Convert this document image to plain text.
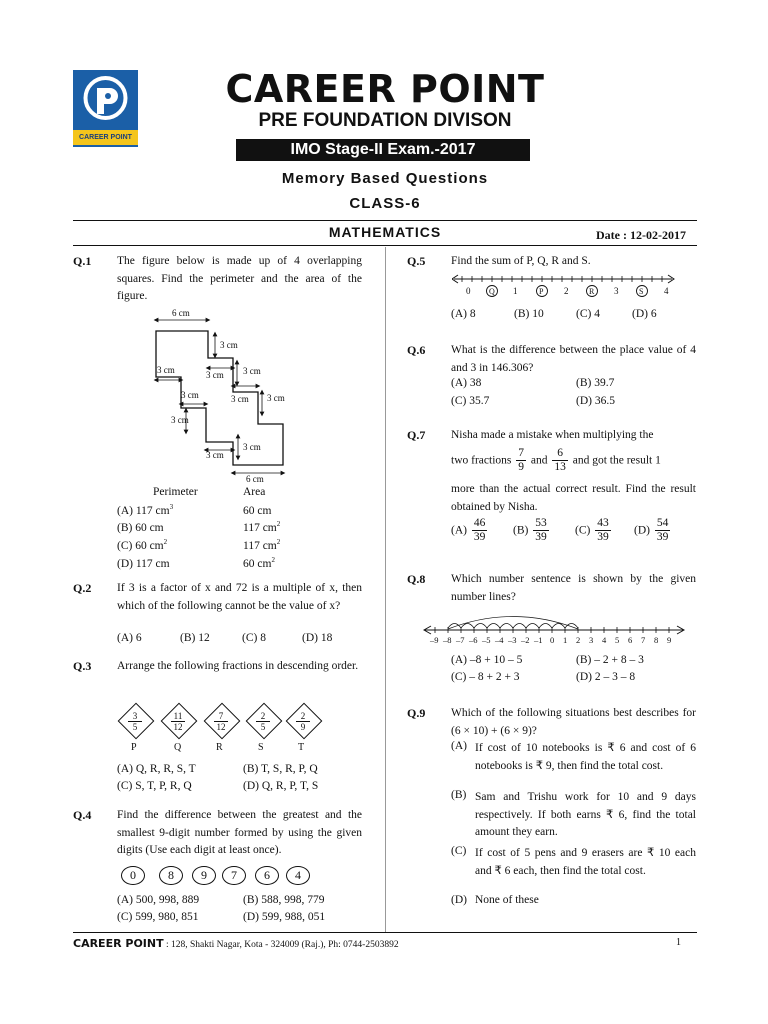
CAREER POINT
CAREER POINT
PRE FOUNDATION DIVISON
IMO Stage-II Exam.-2017
Memory Based Questions
CLASS-6
MATHEMATICS	Date : 12-02-2017
Q.1 The figure below is made up of 4 overlapping squares. Find the perimeter and the area of the figure.
6 cm
3 cm
3 cm 3 cm
3 cm
3 cm 3 cm
3 cm
3 cm
3 cm
3 cm
6 cm
Perimeter	Area
(A) 117 $cm^3$	60 cm
(B) 60 cm	117 $cm^2$
(C) 60 $cm^2$	117 $cm^2$
(D) 117 cm	60 $cm^2$
Q.2 If 3 is a factor of x and 72 is a multiple of x, then which of the following cannot be the value of x?
(A) 6	(B) 12	(C) 8	(D) 18
Q.3 Arrange the following fractions in descending order.
3
5
P
11
12
Q
7
12
R
2
5
S
2
9
T
(A) Q, R, R, S, T	(B) T, S, R, P, Q
(C) S, T, P, R, Q	(D) Q, R, P, T, S
Q.4 Find the difference between the greatest and the smallest 9-digit number formed by using the given digits (Use each digit at least once).
0	8	9	7	6	4
(A) 500, 998, 889	(B) 588, 998, 779
(C) 599, 980, 851	(D) 599, 988, 051
Q.5 Find the sum of P, Q, R and S.
0	1	2	3	4
Q	P	R	S
(A) 8	(B) 10	(C) 4	(D) 6
Q.6 What is the difference between the place value of 4 and 3 in 146.306?
(A) 38	(B) 39.7
(C) 35.7	(D) 36.5
Q.7 Nisha made a mistake when multiplying the
two fractions $\frac{7}{9}$ and $\frac{6}{13}$ and got the result 1
more than the actual correct result. Find the result obtained by Nisha.
$(A) \frac{46}{39} (B) \frac{53}{39} (C) \frac{43}{39} (D) \frac{54}{39}$
Q.8 Which number sentence is shown by the given number lines?
–9 –8 –7 –6 –5 –4 –3 –2 –1 0 1 2 3 4 5 6 7 8 9
(A) –8 + 10 – 5	(B) – 2 + 8 – 3
(C) – 8 + 2 + 3	(D) 2 – 3 – 8
Q.9 Which of the following situations best describes for (6 × 10) + (6 × 9)?
(A) If cost of 10 notebooks is ₹ 6 and cost of 6 notebooks is ₹ 9, then find the total cost.
(B) Sam and Trishu work for 10 and 9 days respectively. If both earns ₹ 6, find the total amount they earn.
(C) If cost of 5 pens and 9 erasers are ₹ 10 each and ₹ 6 each, then find the total cost.
(D) None of these
CAREER POINT : 128, Shakti Nagar, Kota - 324009 (Raj.), Ph: 0744-2503892	1
